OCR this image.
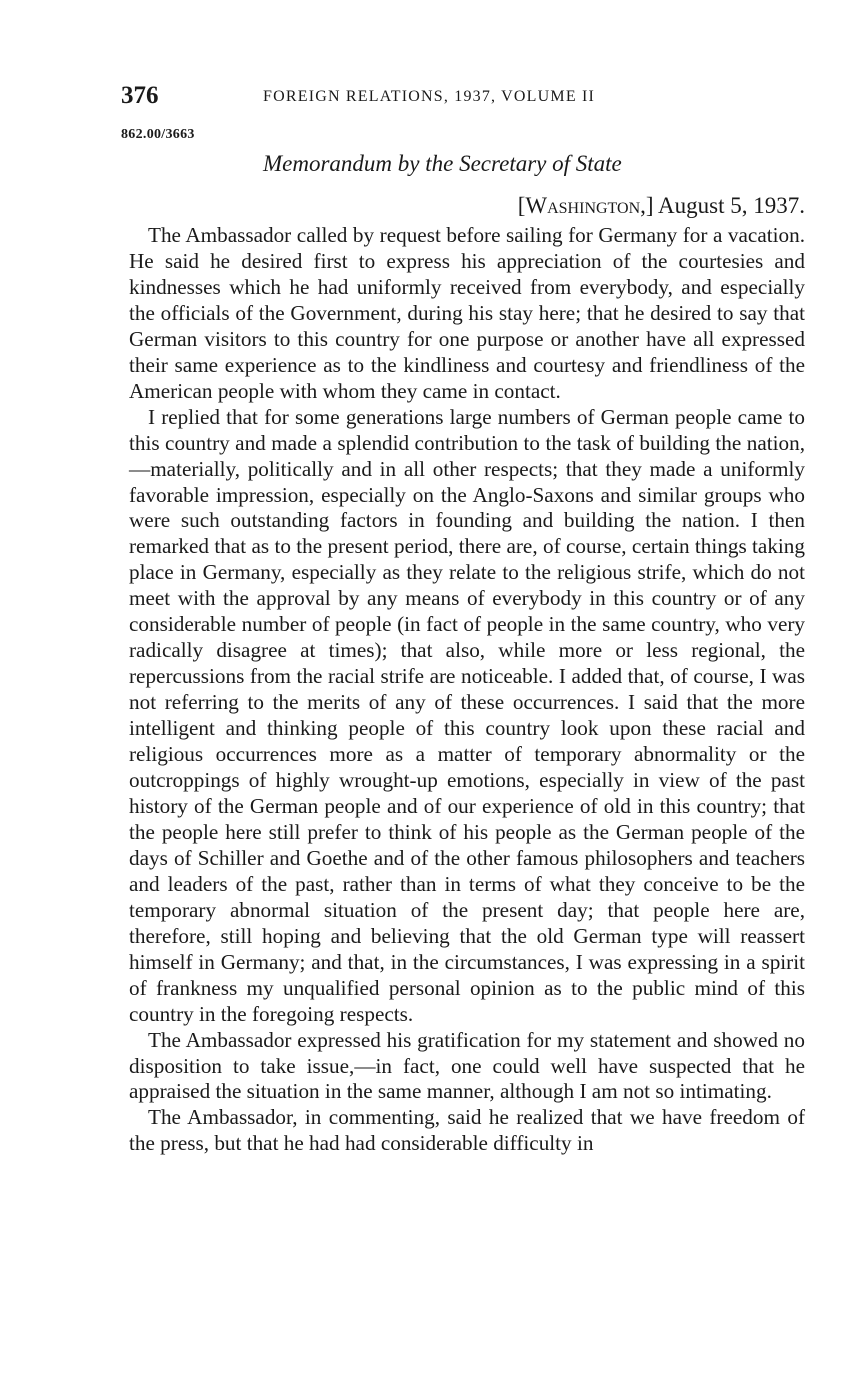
376	FOREIGN RELATIONS, 1937, VOLUME II
862.00/3663
Memorandum by the Secretary of State
[Washington,] August 5, 1937.

The Ambassador called by request before sailing for Germany for a vacation. He said he desired first to express his appreciation of the courtesies and kindnesses which he had uniformly received from everybody, and especially the officials of the Government, during his stay here; that he desired to say that German visitors to this country for one purpose or another have all expressed their same experience as to the kindliness and courtesy and friendliness of the American people with whom they came in contact.

I replied that for some generations large numbers of German people came to this country and made a splendid contribution to the task of building the nation,—materially, politically and in all other respects; that they made a uniformly favorable impression, especially on the Anglo-Saxons and similar groups who were such outstanding factors in founding and building the nation. I then remarked that as to the present period, there are, of course, certain things taking place in Germany, especially as they relate to the religious strife, which do not meet with the approval by any means of everybody in this country or of any considerable number of people (in fact of people in the same country, who very radically disagree at times); that also, while more or less regional, the repercussions from the racial strife are noticeable. I added that, of course, I was not referring to the merits of any of these occurrences. I said that the more intelligent and thinking people of this country look upon these racial and religious occurrences more as a matter of temporary abnormality or the outcroppings of highly wrought-up emotions, especially in view of the past history of the German people and of our experience of old in this country; that the people here still prefer to think of his people as the German people of the days of Schiller and Goethe and of the other famous philosophers and teachers and leaders of the past, rather than in terms of what they conceive to be the temporary abnormal situation of the present day; that people here are, therefore, still hoping and believing that the old German type will reassert himself in Germany; and that, in the circumstances, I was expressing in a spirit of frankness my unqualified personal opinion as to the public mind of this country in the foregoing respects.

The Ambassador expressed his gratification for my statement and showed no disposition to take issue,—in fact, one could well have suspected that he appraised the situation in the same manner, although I am not so intimating.

The Ambassador, in commenting, said he realized that we have freedom of the press, but that he had had considerable difficulty in
